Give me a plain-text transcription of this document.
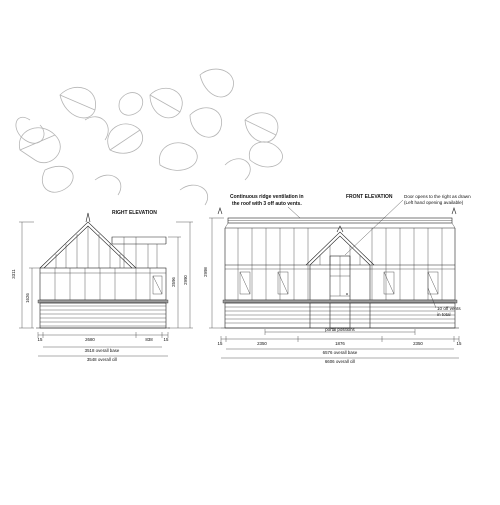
RIGHT ELEVATION
3311
1626
2596 2990
15	2680	838 15
3518 overall base
3548 overall cill
FRONT ELEVATION
Continuous ridge ventilation in
the roof with 3 off auto vents.
Door opens to the right as drawn
(Left hand opening available)
10 off vents
in total
2998
portal positions
15	2350	1876	2350	15
6576 overall base
6606 overall cill
